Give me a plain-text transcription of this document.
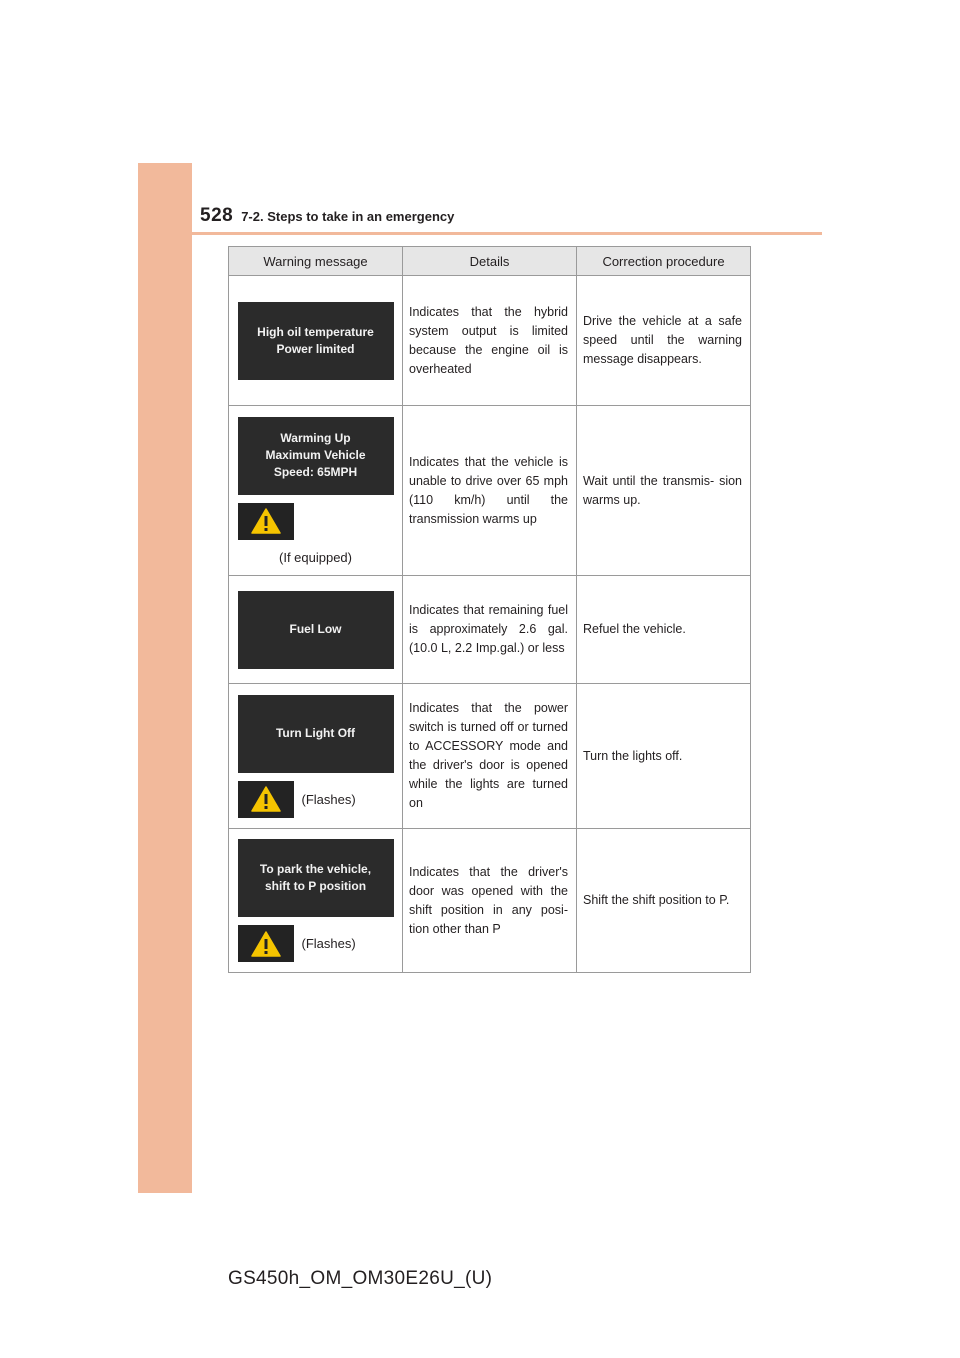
528 7-2. Steps to take in an emergency
Warning message	Details	Correction procedure

High oil temperature
Power limited	Indicates that the hybrid system output is limited because the engine oil is overheated	Drive the vehicle at a safe speed until the warning message disappears.

Warming Up
Maximum Vehicle
Speed: 65MPH
(If equipped)	Indicates that the vehicle is unable to drive over 65 mph (110 km/h) until the transmission warms up	Wait until the transmis- sion warms up.

Fuel Low	Indicates that remaining fuel is approximately 2.6 gal. (10.0 L, 2.2 Imp.gal.) or less	Refuel the vehicle.

Turn Light Off
(Flashes)	Indicates that the power switch is turned off or turned to ACCESSORY mode and the driver's door is opened while the lights are turned on	Turn the lights off.

To park the vehicle,
shift to P position
(Flashes)	Indicates that the driver's door was opened with the shift position in any posi- tion other than P	Shift the shift position to P.
GS450h_OM_OM30E26U_(U)
